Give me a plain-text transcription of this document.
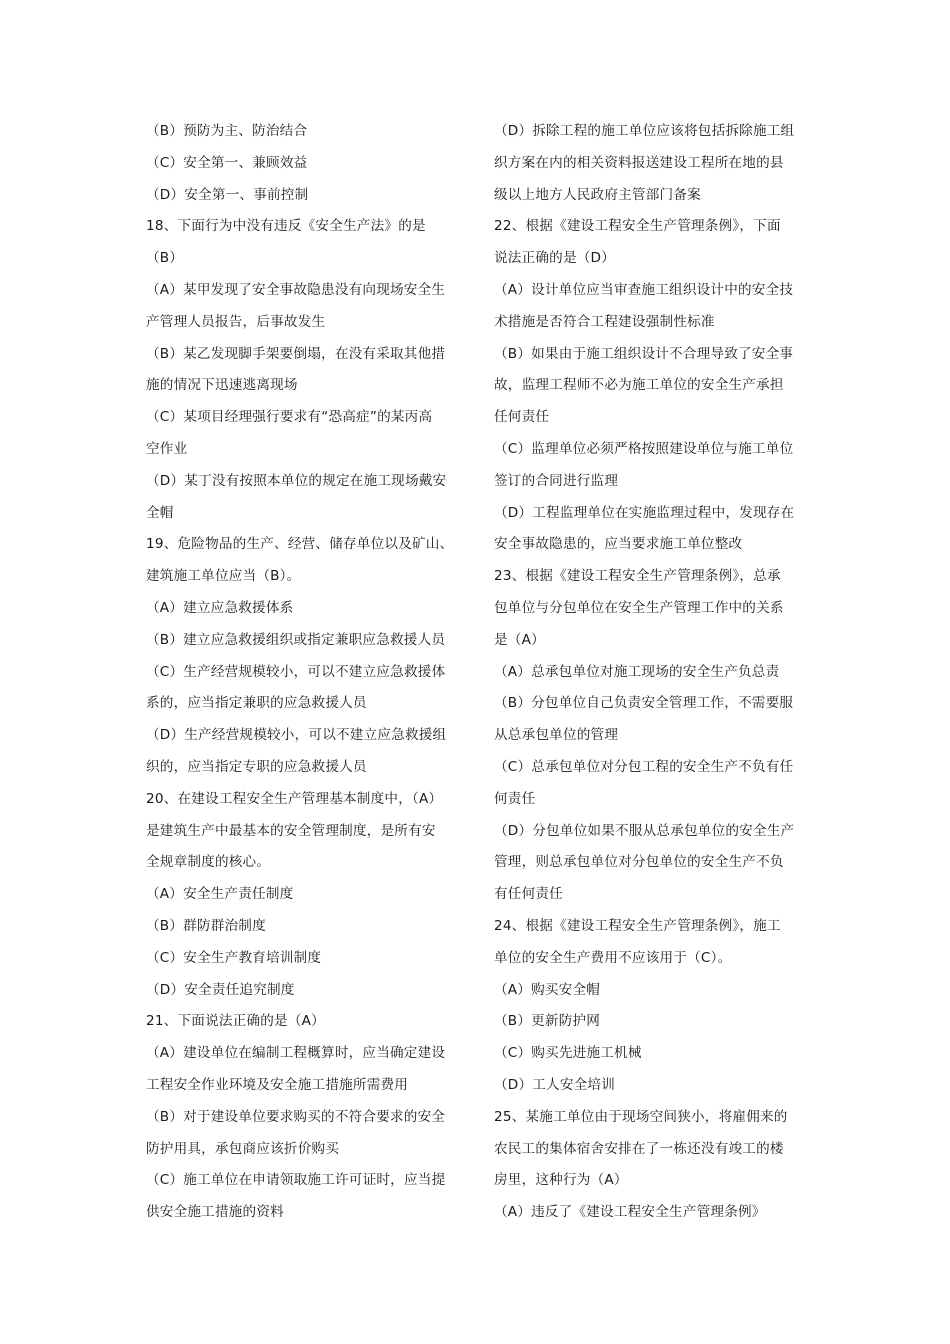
（B）预防为主、防治结合
（C）安全第一、兼顾效益
（D）安全第一、事前控制
18、下面行为中没有违反《安全生产法》的是
（B）
（A）某甲发现了安全事故隐患没有向现场安全生
产管理人员报告，后事故发生
（B）某乙发现脚手架要倒塌，在没有采取其他措
施的情况下迅速逃离现场
（C）某项目经理强行要求有“恐高症”的某丙高
空作业
（D）某丁没有按照本单位的规定在施工现场戴安
全帽
19、危险物品的生产、经营、储存单位以及矿山、
建筑施工单位应当（B）。
（A）建立应急救援体系
（B）建立应急救援组织或指定兼职应急救援人员
（C）生产经营规模较小，可以不建立应急救援体
系的，应当指定兼职的应急救援人员
（D）生产经营规模较小，可以不建立应急救援组
织的，应当指定专职的应急救援人员
20、在建设工程安全生产管理基本制度中，（A）
是建筑生产中最基本的安全管理制度，是所有安
全规章制度的核心。
（A）安全生产责任制度
（B）群防群治制度
（C）安全生产教育培训制度
（D）安全责任追究制度
21、下面说法正确的是（A）
（A）建设单位在编制工程概算时，应当确定建设
工程安全作业环境及安全施工措施所需费用
（B）对于建设单位要求购买的不符合要求的安全
防护用具，承包商应该折价购买
（C）施工单位在申请领取施工许可证时，应当提
供安全施工措施的资料
（D）拆除工程的施工单位应该将包括拆除施工组
织方案在内的相关资料报送建设工程所在地的县
级以上地方人民政府主管部门备案
22、根据《建设工程安全生产管理条例》，下面
说法正确的是（D）
（A）设计单位应当审查施工组织设计中的安全技
术措施是否符合工程建设强制性标准
（B）如果由于施工组织设计不合理导致了安全事
故，监理工程师不必为施工单位的安全生产承担
任何责任
（C）监理单位必须严格按照建设单位与施工单位
签订的合同进行监理
（D）工程监理单位在实施监理过程中，发现存在
安全事故隐患的，应当要求施工单位整改
23、根据《建设工程安全生产管理条例》，总承
包单位与分包单位在安全生产管理工作中的关系
是（A）
（A）总承包单位对施工现场的安全生产负总责
（B）分包单位自己负责安全管理工作，不需要服
从总承包单位的管理
（C）总承包单位对分包工程的安全生产不负有任
何责任
（D）分包单位如果不服从总承包单位的安全生产
管理，则总承包单位对分包单位的安全生产不负
有任何责任
24、根据《建设工程安全生产管理条例》，施工
单位的安全生产费用不应该用于（C）。
（A）购买安全帽
（B）更新防护网
（C）购买先进施工机械
（D）工人安全培训
25、某施工单位由于现场空间狭小，将雇佣来的
农民工的集体宿舍安排在了一栋还没有竣工的楼
房里，这种行为（A）
（A）违反了《建设工程安全生产管理条例》
